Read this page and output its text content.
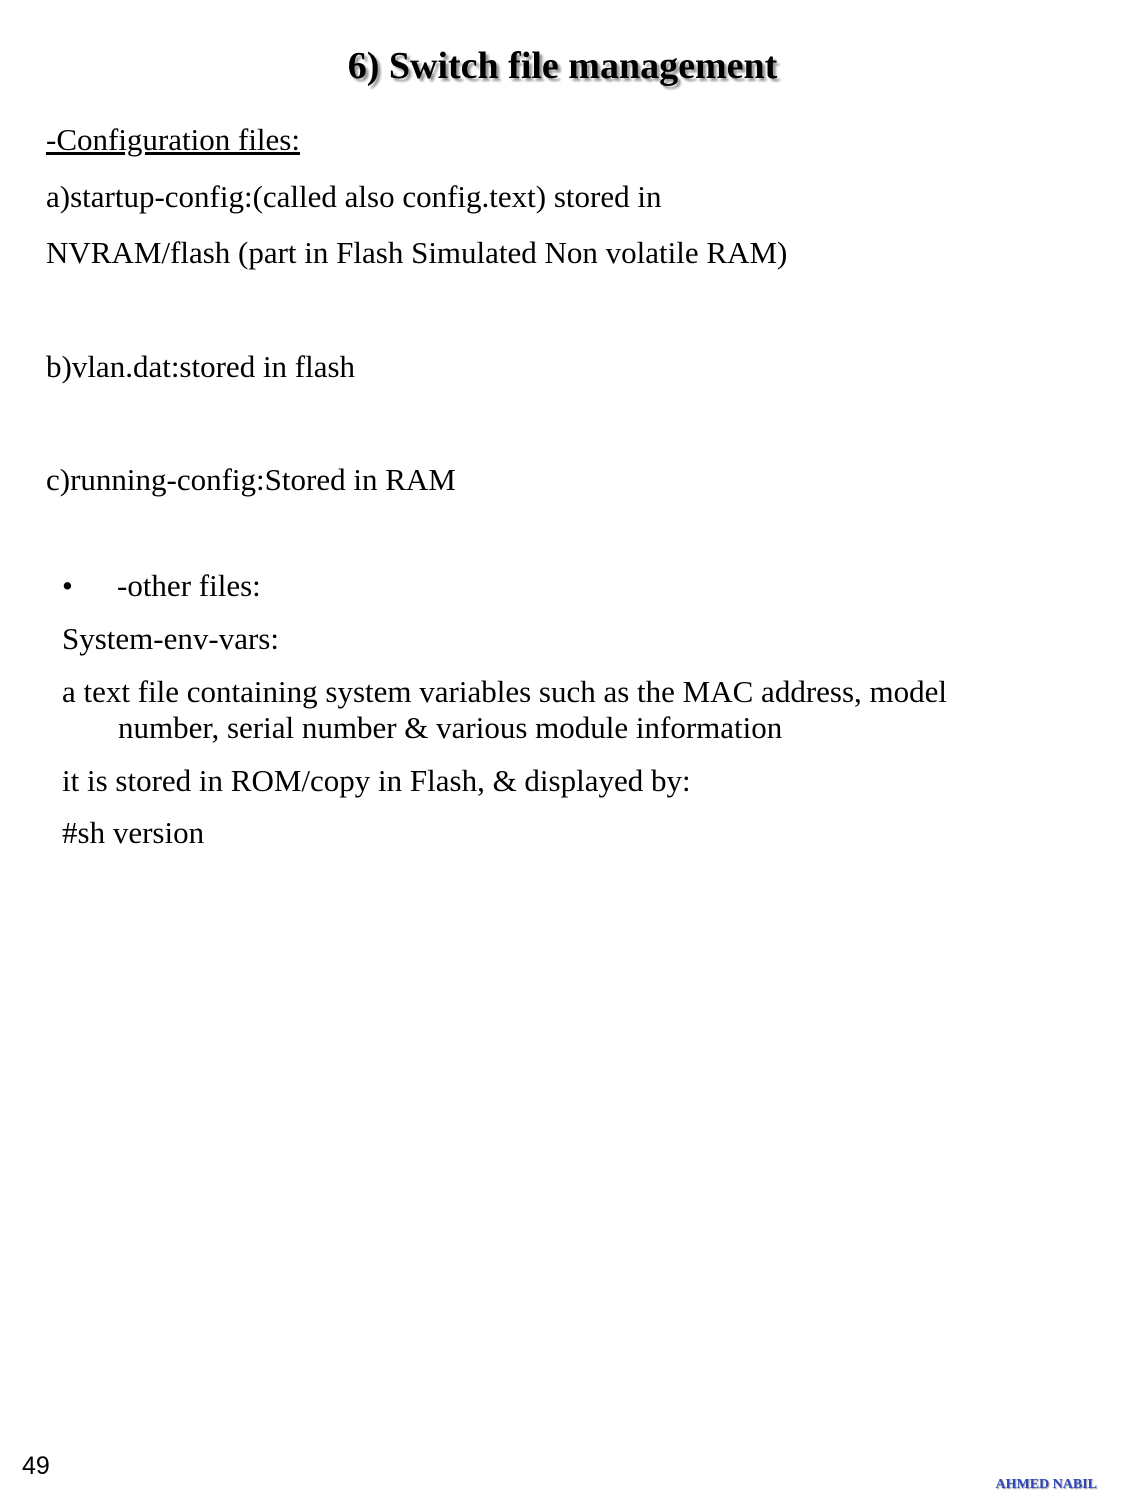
6) Switch file management
-Configuration files:
a)startup-config:(called also config.text) stored in
NVRAM/flash (part in Flash Simulated Non volatile RAM)
b)vlan.dat:stored in flash
c)running-config:Stored in RAM
• -other files:
System-env-vars:
a text file containing system variables such as the MAC address, model
number, serial number & various module information
it is stored in ROM/copy in Flash, & displayed by:
#sh version
49
AHMED NABIL
